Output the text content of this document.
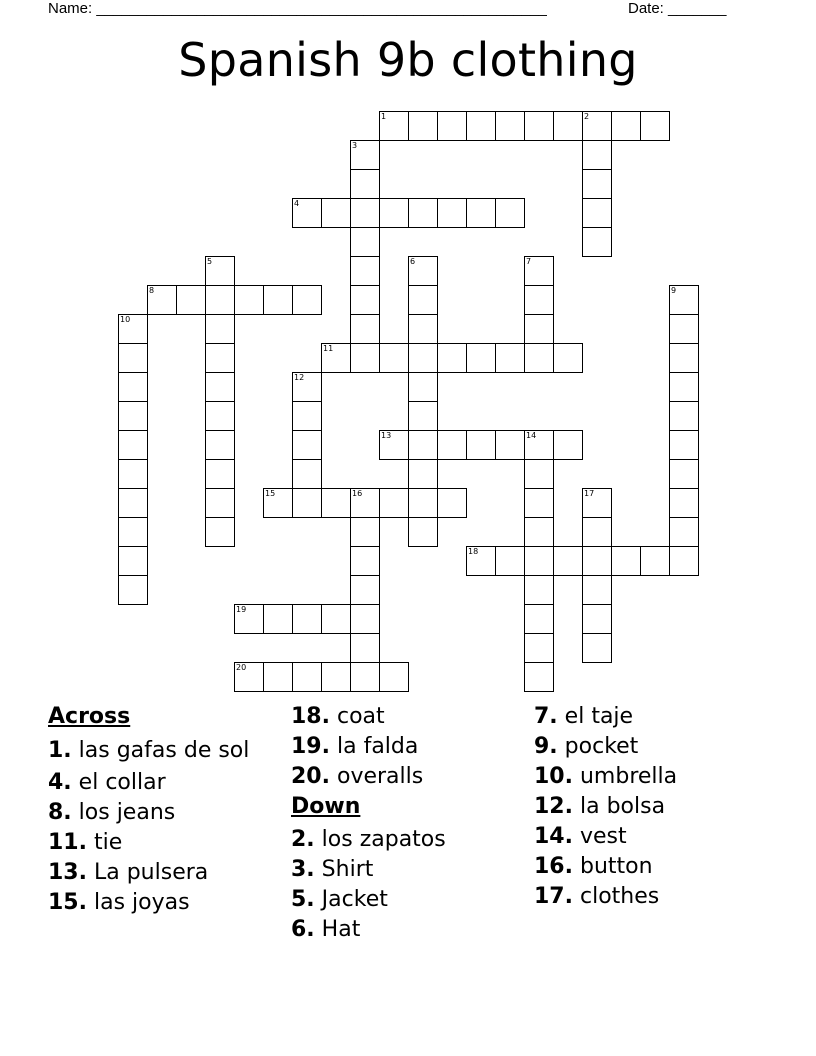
Name: ______________________________________________________	Date: _______
Spanish 9b clothing
1	2
3
4
5	6	7
8	9
10
11
12
13	14
15	16	17
18
19
20
Across
1. las gafas de sol
4. el collar
8. los jeans
11. tie
13. La pulsera
15. las joyas
18. coat
19. la falda
20. overalls
Down
2. los zapatos
3. Shirt
5. Jacket
6. Hat
7. el taje
9. pocket
10. umbrella
12. la bolsa
14. vest
16. button
17. clothes
